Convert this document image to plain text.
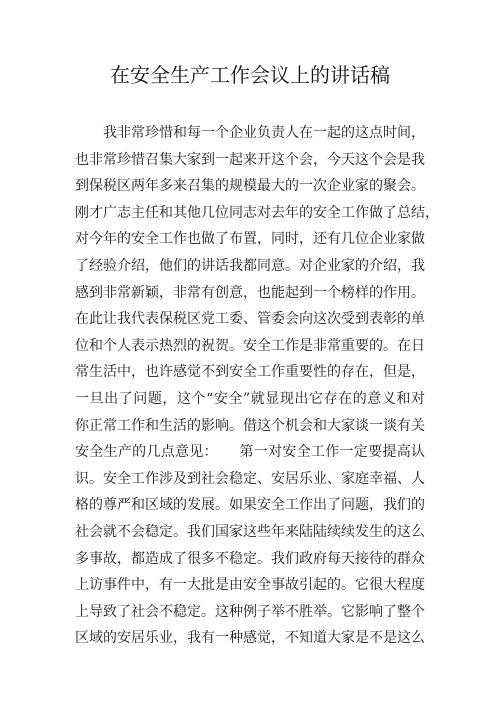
在安全生产工作会议上的讲话稿
我非常珍惜和每一个企业负责人在一起的这点时间，
也非常珍惜召集大家到一起来开这个会，今天这个会是我
到保税区两年多来召集的规模最大的一次企业家的聚会。
刚才广志主任和其他几位同志对去年的安全工作做了总结，
对今年的安全工作也做了布置，同时，还有几位企业家做
了经验介绍，他们的讲话我都同意。对企业家的介绍，我
感到非常新颖，非常有创意，也能起到一个榜样的作用。
在此让我代表保税区党工委、管委会向这次受到表彰的单
位和个人表示热烈的祝贺。安全工作是非常重要的。在日
常生活中，也许感觉不到安全工作重要性的存在，但是，
一旦出了问题，这个“安全”就显现出它存在的意义和对
你正常工作和生活的影响。借这个机会和大家谈一谈有关
安全生产的几点意见：　　第一对安全工作一定要提高认
识。安全工作涉及到社会稳定、安居乐业、家庭幸福、人
格的尊严和区域的发展。如果安全工作出了问题，我们的
社会就不会稳定。我们国家这些年来陆陆续续发生的这么
多事故，都造成了很多不稳定。我们政府每天接待的群众
上访事件中，有一大批是由安全事故引起的。它很大程度
上导致了社会不稳定。这种例子举不胜举。它影响了整个
区域的安居乐业，我有一种感觉，不知道大家是不是这么
